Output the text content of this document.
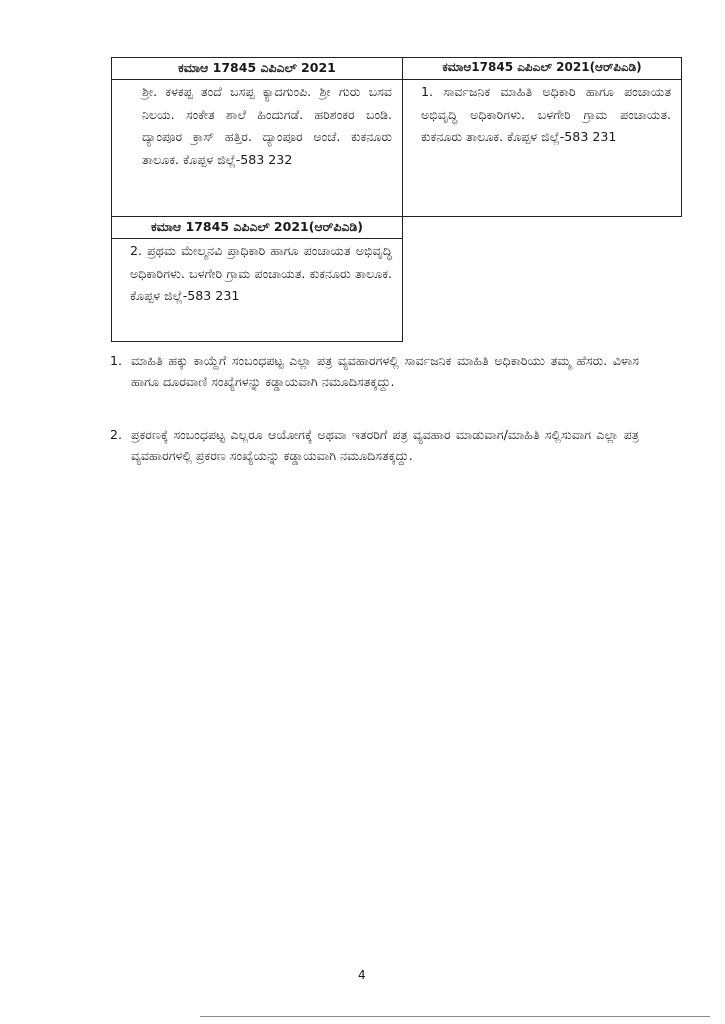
ಕಮಾಆ 17845 ಎಪಿಎಲ್ 2021
ಶ್ರೀ. ಕಳಕಪ್ಪ ತಂದೆ ಬಸಪ್ಪ ಕ್ಯಾದಗುಂಪಿ. ಶ್ರೀ ಗುರು ಬಸವ ನಿಲಯ. ಸಂಕೇತ ಶಾಲೆ ಹಿಂದುಗಡೆ. ಹರಿಶಂಕರ ಬಂಡಿ. ದ್ಯಾಂಪೂರ ಕ್ರಾಸ್ ಹತ್ತಿರ. ದ್ಯಾಂಪೂರ ಅಂಚೆ. ಕುಕನೂರು ತಾಲೂಕ. ಕೊಪ್ಪಳ ಜಿಲ್ಲೆ-583 232
ಕಮಾಆ17845 ಎಪಿಎಲ್ 2021(ಆರ್‌ಪಿಎಡಿ)
1. ಸಾರ್ವಜನಿಕ ಮಾಹಿತಿ ಅಧಿಕಾರಿ ಹಾಗೂ ಪಂಚಾಯತ ಅಭಿವೃದ್ಧಿ ಅಧಿಕಾರಿಗಳು. ಬಳಗೇರಿ ಗ್ರಾಮ ಪಂಚಾಯತ. ಕುಕನೂರು ತಾಲೂಕ. ಕೊಪ್ಪಳ ಜಿಲ್ಲೆ-583 231
ಕಮಾಆ 17845 ಎಪಿಎಲ್ 2021(ಆರ್‌ಪಿಎಡಿ)
2. ಪ್ರಥಮ ಮೇಲ್ಮನವಿ ಪ್ರಾಧಿಕಾರಿ ಹಾಗೂ ಪಂಚಾಯತ ಅಭಿವೃದ್ಧಿ ಅಧಿಕಾರಿಗಳು. ಬಳಗೇರಿ ಗ್ರಾಮ ಪಂಚಾಯತ. ಕುಕನೂರು ತಾಲೂಕ. ಕೊಪ್ಪಳ ಜಿಲ್ಲೆ-583 231
1. ಮಾಹಿತಿ ಹಕ್ಕು ಕಾಯ್ದೆಗೆ ಸಂಬಂಧಪಟ್ಟ ಎಲ್ಲಾ ಪತ್ರ ವ್ಯವಹಾರಗಳಲ್ಲಿ ಸಾರ್ವಜನಿಕ ಮಾಹಿತಿ ಅಧಿಕಾರಿಯು ತಮ್ಮ ಹೆಸರು. ವಿಳಾಸ ಹಾಗೂ ದೂರವಾಣಿ ಸಂಖ್ಯೆಗಳನ್ನು ಕಡ್ಡಾಯವಾಗಿ ನಮೂದಿಸತಕ್ಕದ್ದು.
2. ಪ್ರಕರಣಕ್ಕೆ ಸಂಬಂಧಪಟ್ಟ ಎಲ್ಲರೂ ಆಯೋಗಕ್ಕೆ ಅಥವಾ ಇತರರಿಗೆ ಪತ್ರ ವ್ಯವಹಾರ ಮಾಡುವಾಗ/ಮಾಹಿತಿ ಸಲ್ಲಿಸುವಾಗ ಎಲ್ಲಾ ಪತ್ರ ವ್ಯವಹಾರಗಳಲ್ಲಿ ಪ್ರಕರಣ ಸಂಖ್ಯೆಯನ್ನು ಕಡ್ಡಾಯವಾಗಿ ನಮೂದಿಸತಕ್ಕದ್ದು.
4
